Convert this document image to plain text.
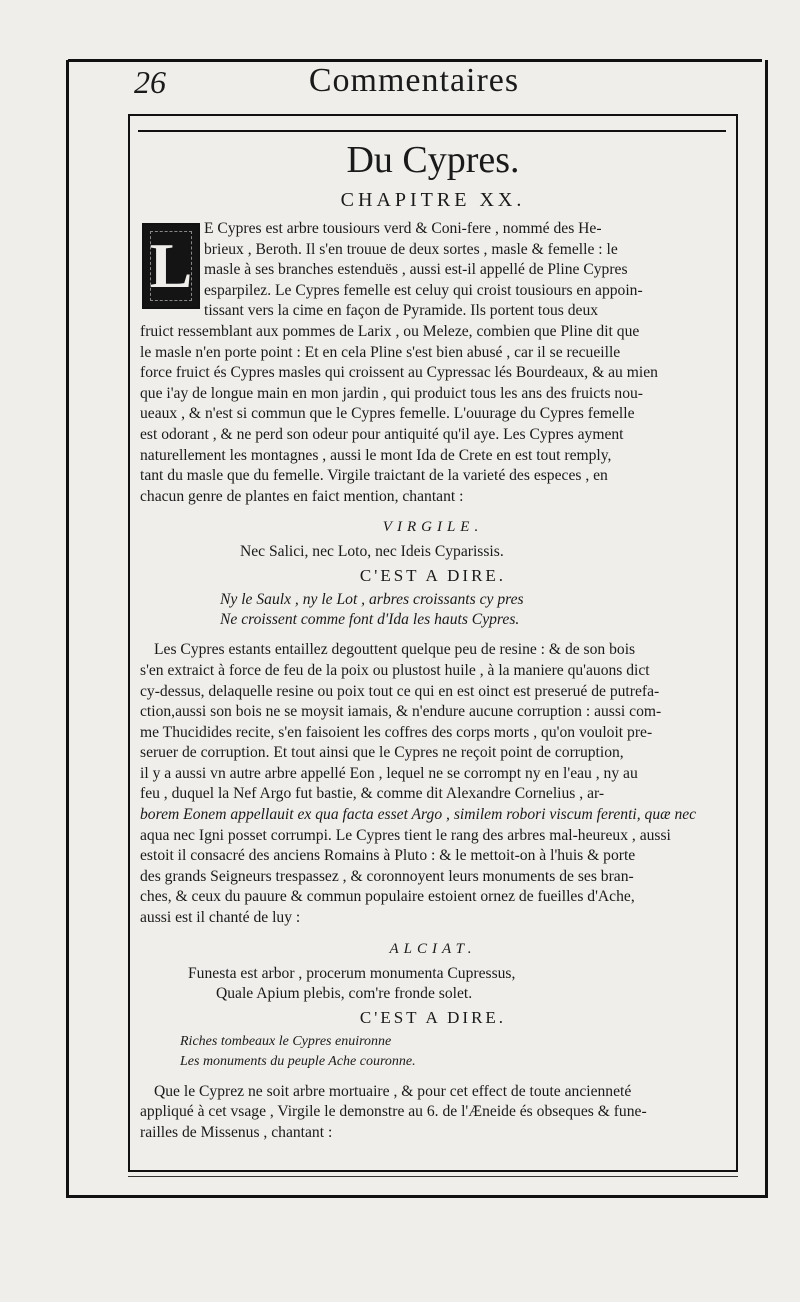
26	Commentaires
Du Cypres.
CHAPITRE XX.
L
E Cypres est arbre tousiours verd & Coni-fere , nommé des He-
brieux , Beroth. Il s'en trouue de deux sortes , masle & femelle : le
masle à ses branches estenduës , aussi est-il appellé de Pline Cypres
esparpilez. Le Cypres femelle est celuy qui croist tousiours en appoin-
tissant vers la cime en façon de Pyramide. Ils portent tous deux
fruict ressemblant aux pommes de Larix , ou Meleze, combien que Pline dit que
le masle n'en porte point : Et en cela Pline s'est bien abusé , car il se recueille
force fruict és Cypres masles qui croissent au Cypressac lés Bourdeaux, & au mien
que i'ay de longue main en mon jardin , qui produict tous les ans des fruicts nou-
ueaux , & n'est si commun que le Cypres femelle. L'ouurage du Cypres femelle
est odorant , & ne perd son odeur pour antiquité qu'il aye. Les Cypres ayment
naturellement les montagnes , aussi le mont Ida de Crete en est tout remply,
tant du masle que du femelle. Virgile traictant de la varieté des especes , en
chacun genre de plantes en faict mention, chantant :
VIRGILE.
Nec Salici, nec Loto, nec Ideis Cyparissis.
C'EST A DIRE.
Ny le Saulx , ny le Lot , arbres croissants cy pres
Ne croissent comme font d'Ida les hauts Cypres.
Les Cypres estants entaillez degouttent quelque peu de resine : & de son bois
s'en extraict à force de feu de la poix ou plustost huile , à la maniere qu'auons dict
cy-dessus, delaquelle resine ou poix tout ce qui en est oinct est preserué de putrefa-
ction,aussi son bois ne se moysit iamais, & n'endure aucune corruption : aussi com-
me Thucidides recite, s'en faisoient les coffres des corps morts , qu'on vouloit pre-
seruer de corruption. Et tout ainsi que le Cypres ne reçoit point de corruption,
il y a aussi vn autre arbre appellé Eon , lequel ne se corrompt ny en l'eau , ny au
feu , duquel la Nef Argo fut bastie, & comme dit Alexandre Cornelius , ar-
borem Eonem appellauit ex qua facta esset Argo , similem robori viscum ferenti, quæ nec
aqua nec Igni posset corrumpi. Le Cypres tient le rang des arbres mal-heureux , aussi
estoit il consacré des anciens Romains à Pluto : & le mettoit-on à l'huis & porte
des grands Seigneurs trespassez , & coronnoyent leurs monuments de ses bran-
ches, & ceux du pauure & commun populaire estoient ornez de fueilles d'Ache,
aussi est il chanté de luy :
ALCIAT.
Funesta est arbor , procerum monumenta Cupressus,
Quale Apium plebis, com're fronde solet.
C'EST A DIRE.
Riches tombeaux le Cypres enuironne
Les monuments du peuple Ache couronne.
Que le Cyprez ne soit arbre mortuaire , & pour cet effect de toute ancienneté
appliqué à cet vsage , Virgile le demonstre au 6. de l'Æneide és obseques & fune-
railles de Missenus , chantant :
